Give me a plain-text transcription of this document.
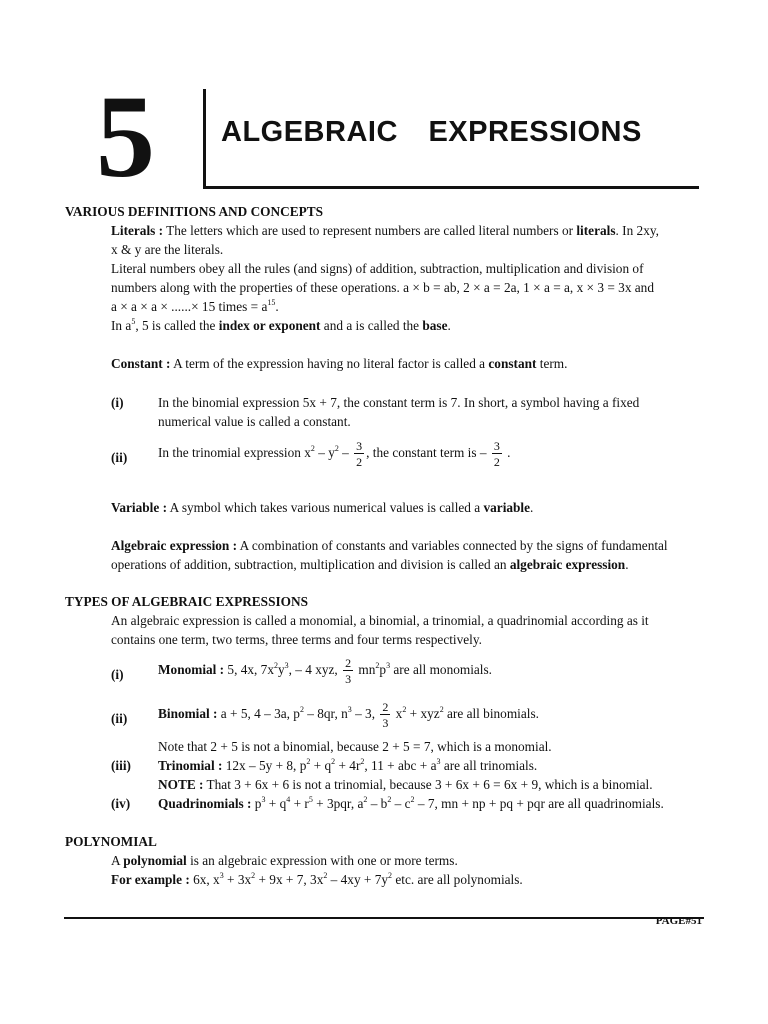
5 ALGEBRAIC EXPRESSIONS
VARIOUS DEFINITIONS AND CONCEPTS
Literals : The letters which are used to represent numbers are called literal numbers or literals. In 2xy,
x & y are the literals.
Literal numbers obey all the rules (and signs) of addition, subtraction, multiplication and division of
numbers along with the properties of these operations. a × b = ab, 2 × a = 2a, 1 × a = a, x × 3 = 3x and
a × a × a × ......× 15 times = $a^{15}$.
In $a^5$, 5 is called the index or exponent and a is called the base.
Constant : A term of the expression having no literal factor is called a constant term.
(i)	In the binomial expression 5x + 7, the constant term is 7. In short, a symbol having a fixed
numerical value is called a constant.
(ii) In the trinomial expression $x^2 - y^2 - \frac{3}{2}$ , the constant term is – $\frac{3}{2}$ .
Variable : A symbol which takes various numerical values is called a variable.
Algebraic expression : A combination of constants and variables connected by the signs of fundamental
operations of addition, subtraction, multiplication and division is called an algebraic expression.
TYPES OF ALGEBRAIC EXPRESSIONS
An algebraic expression is called a monomial, a binomial, a trinomial, a quadrinomial according as it
contains one term, two terms, three terms and four terms respectively.
(i)	Monomial : 5, 4x, $7x^2y^3$, – 4 xyz, $\frac{2}{3} mn^2p^3$ are all monomials.
(ii) Binomial : a + 5, 4 – 3a, $p^2 - 8qr$, $n^3 - 3$, $\frac{2}{3} x^2 + xyz^2$ are all binomials.
Note that 2 + 5 is not a binomial, because 2 + 5 = 7, which is a monomial.
(iii) Trinomial : 12x – 5y + 8, $p^2 + q^2 + 4r^2$, 11 + abc + $a^3$ are all trinomials.
NOTE : That 3 + 6x + 6 is not a trinomial, because 3 + 6x + 6 = 6x + 9, which is a binomial.
(iv) Quadrinomials : $p^3 + q^4 + r^5 + 3pqr$, $a^2 - b^2 - c^2 - 7$, mn + np + pq + pqr are all quadrinomials.
POLYNOMIAL
A polynomial is an algebraic expression with one or more terms.
For example : 6x, $x^3 + 3x^2 + 9x + 7$, $3x^2 - 4xy + 7y^2$ etc. are all polynomials.
PAGE#51
